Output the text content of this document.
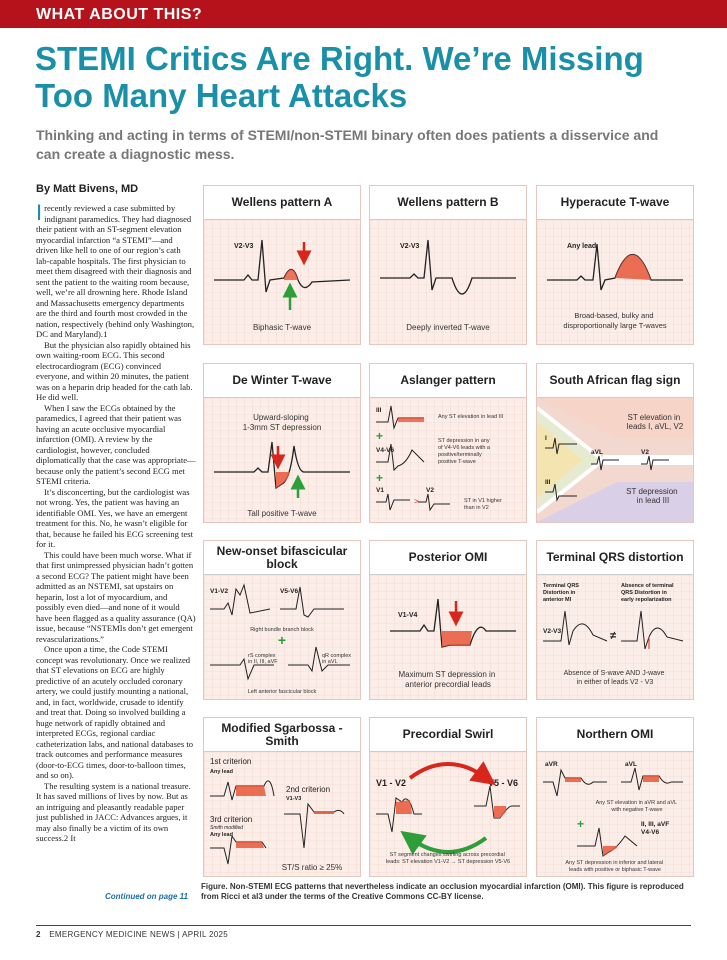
WHAT ABOUT THIS?
STEMI Critics Are Right. We’re Missing Too Many Heart Attacks
Thinking and acting in terms of STEMI/non-STEMI binary often does patients a disservice and can create a diagnostic mess.
By Matt Bivens, MD

Irecently reviewed a case submitted by indignant paramedics. They had diagnosed their patient with an ST-segment elevation myocardial infarction “a STEMI”—and driven like hell to one of our region’s cath lab-capable hospitals. The first physician to meet them disagreed with their diagnosis and sent the patient to the waiting room because, well, we’re all drowning here. Rhode Island and Massachusetts emergency departments are the third and fourth most crowded in the nation, respectively (behind only Washington, DC and Maryland).1

But the physician also rapidly obtained his own waiting-room ECG. This second electrocardiogram (ECG) convinced everyone, and within 20 minutes, the patient was on a heparin drip headed for the cath lab. He did well.

When I saw the ECGs obtained by the paramedics, I agreed that their patient was having an acute occlusive myocardial infarction (OMI). A review by the cardiologist, however, concluded diplomatically that the case was appropriate—because only the patient’s second ECG met STEMI criteria.

It’s disconcerting, but the cardiologist was not wrong. Yes, the patient was having an identifiable OMI. Yes, we have an emergent treatment for this. No, he wasn’t eligible for that, because he failed his ECG screening test for it.

This could have been much worse. What if that first unimpressed physician hadn’t gotten a second ECG? The patient might have been admitted as an NSTEMI, sat upstairs on heparin, lost a lot of myocardium, and possibly even died—and none of it would have been flagged as a quality assurance (QA) issue, because “NSTEMIs don’t get emergent revascularizations.”

Once upon a time, the Code STEMI concept was revolutionary. Once we realized that ST elevations on ECG are highly predictive of an acutely occluded coronary artery, we could justify mounting a national, and, in fact, worldwide, crusade to identify and treat that. Doing so involved building a huge network of rapidly obtained and interpreted ECGs, regional cardiac catheterization labs, and national databases to track outcomes and performance measures (door-to-ECG times, door-to-balloon times, and so on).

The resulting system is a national treasure. It has saved millions of lives by now. But as an intriguing and pleasantly readable paper just published in JACC: Advances argues, it may also finally be a victim of its own success.2 It

Continued on page 11
Wellens pattern A
V2-V3
Biphasic T-wave
Wellens pattern B
V2-V3
Deeply inverted T-wave
Hyperacute T-wave
Any lead
Broad-based, bulky and disproportionally large T-waves
De Winter T-wave
Upward-sloping 1-3mm ST depression
Tall positive T-wave
Aslanger pattern
III
Any ST elevation in lead III
+
V4-V6
ST depression in any of V4-V6 leads with a positive/terminally positive T-wave
+
V1	V2
>	ST in V1 higher than in V2
South African flag sign
ST elevation in leads I, aVL, V2
I
aVL	V2
III
ST depression in lead III
New-onset bifascicular block
V1-V2	V5-V6
Right bundle branch block
+
rS complex in II, III, aVF
qR complex in aVL
Left anterior fascicular block
Posterior OMI
V1-V4
Maximum ST depression in anterior precordial leads
Terminal QRS distortion
Terminal QRS Distortion in anterior MI
Absence of terminal QRS Distortion in early repolarization
V2-V3	≠
Absence of S-wave AND J-wave in either of leads V2 - V3
Modified Sgarbossa - Smith
1st criterion
Any lead
2nd criterion
V1-V3
3rd criterion
Smith modified
Any lead
ST/S ratio ≥ 25%
Precordial Swirl
V1 - V2	V5 - V6
ST segment changes swirling across precordial leads: ST elevation V1-V2 → ST depression V5-V6
Northern OMI
aVR	aVL
Any ST elevation in aVR and aVL with negative T-wave
+	II, III, aVF V4-V6
Any ST depression in inferior and lateral leads with positive or biphasic T-wave
Figure. Non-STEMI ECG patterns that nevertheless indicate an occlusion myocardial infarction (OMI). This figure is reproduced from Ricci et al3 under the terms of the Creative Commons CC-BY license.
2 EMERGENCY MEDICINE NEWS | APRIL 2025
